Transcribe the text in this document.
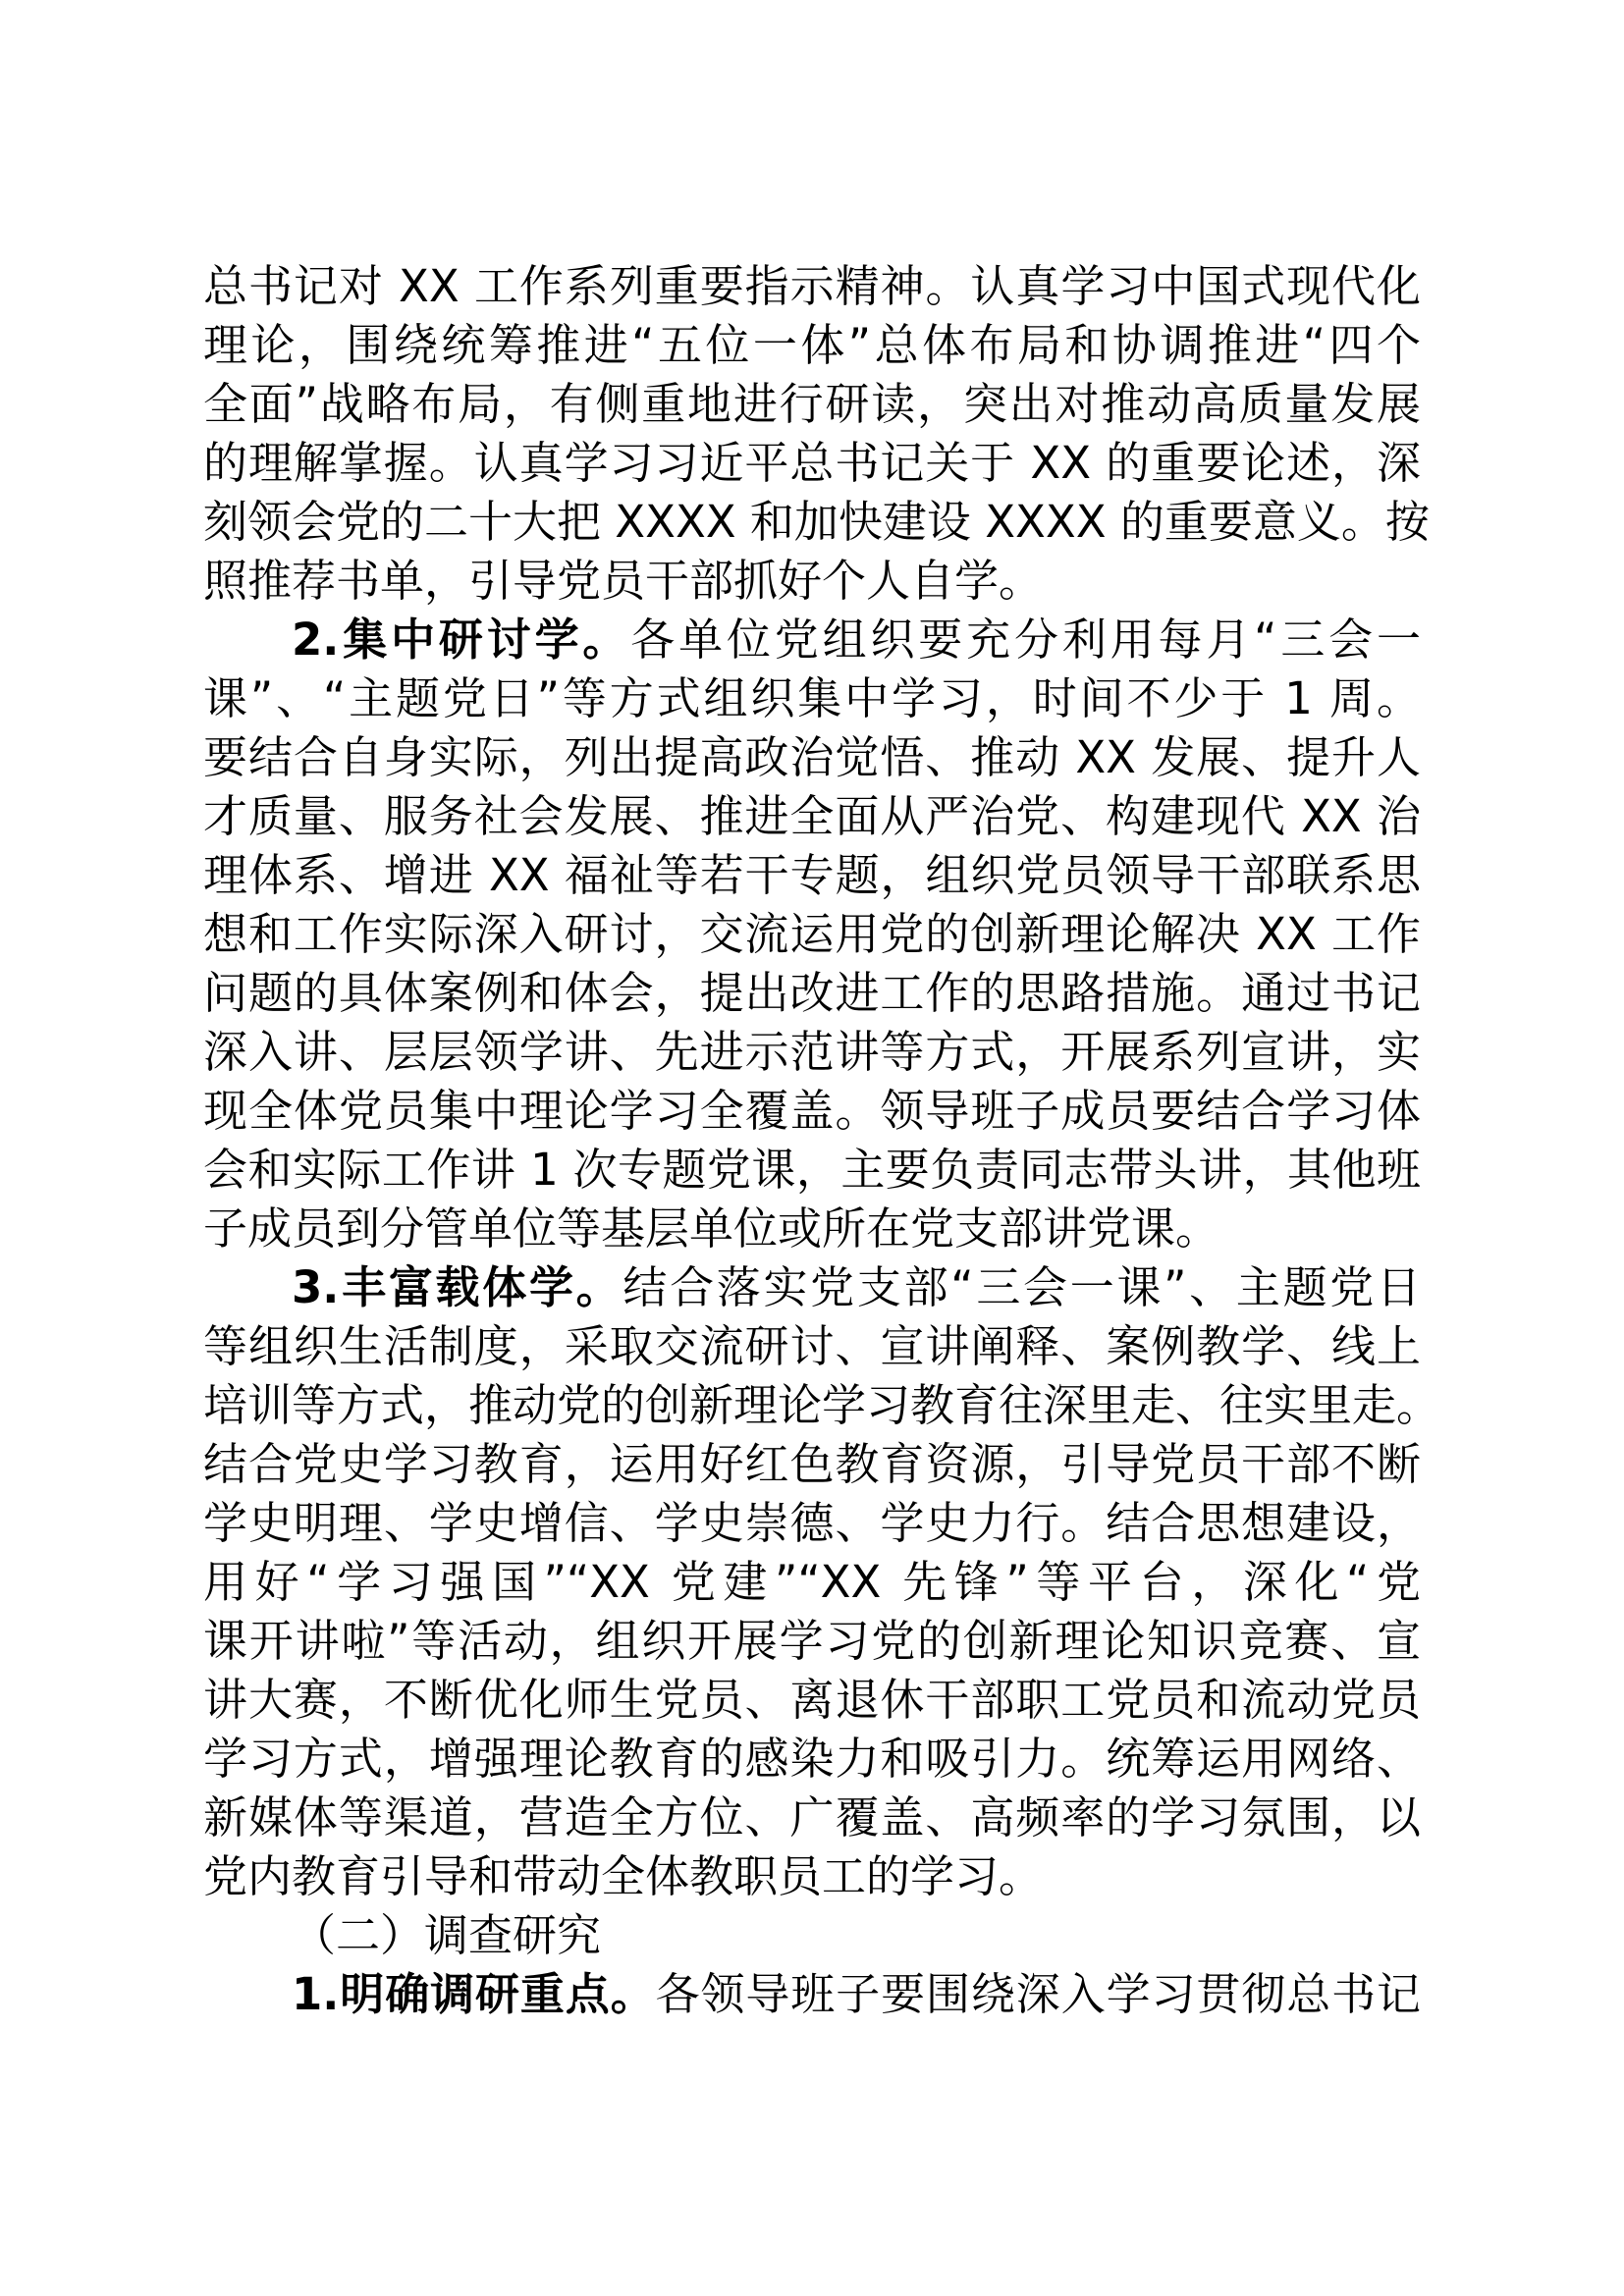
总书记对 XX 工作系列重要指示精神。认真学习中国式现代化
理论，围绕统筹推进“五位一体”总体布局和协调推进“四个
全面”战略布局，有侧重地进行研读，突出对推动高质量发展
的理解掌握。认真学习习近平总书记关于 XX 的重要论述，深
刻领会党的二十大把 XXXX 和加快建设 XXXX 的重要意义。按
照推荐书单，引导党员干部抓好个人自学。
2.集中研讨学。各单位党组织要充分利用每月“三会一
课”、“主题党日”等方式组织集中学习，时间不少于 1 周。
要结合自身实际，列出提高政治觉悟、推动 XX 发展、提升人
才质量、服务社会发展、推进全面从严治党、构建现代 XX 治
理体系、增进 XX 福祉等若干专题，组织党员领导干部联系思
想和工作实际深入研讨，交流运用党的创新理论解决 XX 工作
问题的具体案例和体会，提出改进工作的思路措施。通过书记
深入讲、层层领学讲、先进示范讲等方式，开展系列宣讲，实
现全体党员集中理论学习全覆盖。领导班子成员要结合学习体
会和实际工作讲 1 次专题党课，主要负责同志带头讲，其他班
子成员到分管单位等基层单位或所在党支部讲党课。
3.丰富载体学。结合落实党支部“三会一课”、主题党日
等组织生活制度，采取交流研讨、宣讲阐释、案例教学、线上
培训等方式，推动党的创新理论学习教育往深里走、往实里走。
结合党史学习教育，运用好红色教育资源，引导党员干部不断
学史明理、学史增信、学史崇德、学史力行。结合思想建设，
用好“学习强国”“XX 党建”“XX 先锋”等平台，深化“党
课开讲啦”等活动，组织开展学习党的创新理论知识竞赛、宣
讲大赛，不断优化师生党员、离退休干部职工党员和流动党员
学习方式，增强理论教育的感染力和吸引力。统筹运用网络、
新媒体等渠道，营造全方位、广覆盖、高频率的学习氛围，以
党内教育引导和带动全体教职员工的学习。
（二）调查研究
1.明确调研重点。各领导班子要围绕深入学习贯彻总书记
